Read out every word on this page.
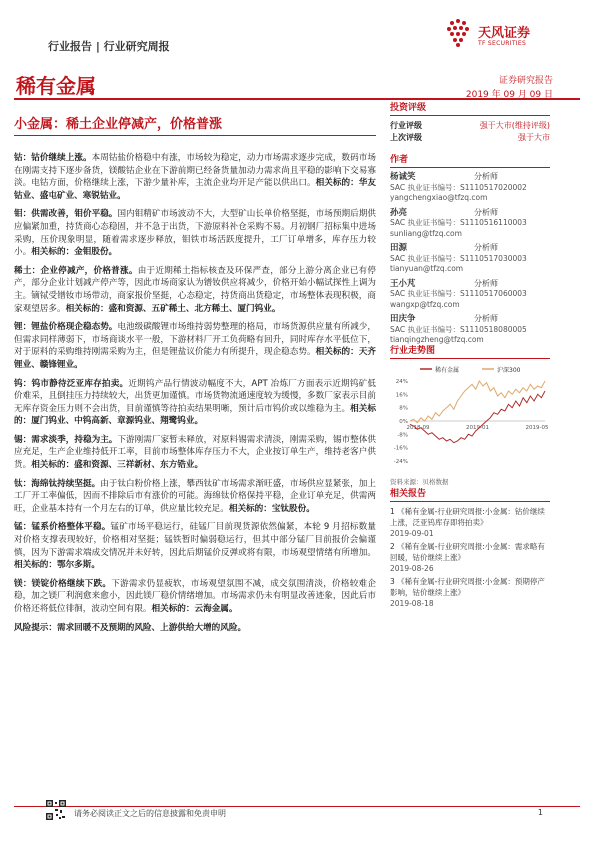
行业报告 | 行业研究周报
天风证券
TF SECURITIES
稀有金属	证券研究报告
2019 年 09 月 09 日
小金属：稀土企业停减产，价格普涨

钴：钴价继续上涨。本周钴盐价格稳中有涨，市场较为稳定，动力市场需求逐步完成，数码市场在刚需支持下逐步备货，镁酸钴企业在下游前期已经备货量加动力需求尚且平稳的影响下交易寡淡。电钴方面，价格继续上涨，下游少量补库，主流企业均开足产能以供出口。相关标的：华友钴业、盛屯矿业、寒锐钴业。

钼：供需改善，钼价平稳。国内钼精矿市场波动不大，大型矿山长单价格坚挺，市场预期后期供应偏紧加重，持货商心态稳固，并不急于出货，下游原料补仓采购不易。月初钢厂招标集中进场采购，压价现象明显，随着需求逐步释放，钼铁市场活跃度提升，工厂订单增多，库存压力较小。相关标的：金钼股份。

稀土：企业停减产，价格普涨。由于近期稀土指标核查及环保严查，部分上游分离企业已有停产，部分企业计划减产停产等，因此市场商家认为镨钕供应将减少，价格开始小幅试探性上调为主。镝铽受镨钕市场带动，商家报价坚挺，心态稳定，持货商出货稳定，市场整体表现积极，商家观望居多。相关标的：盛和资源、五矿稀土、北方稀土、厦门钨业。

锂：锂盐价格现企稳态势。电池级碳酸锂市场维持弱势整理的格局，市场货源供应量有所减少，但需求同样薄弱下，市场商谈水平一般，下游材料厂开工负荷略有回升，同时库存水平低位下，对于原料的采购维持刚需采购为主，但是锂盐议价能力有所提升，现企稳态势。相关标的：天齐锂业、赣锋锂业。

钨：钨市静待泛亚库存拍卖。近期钨产品行情波动幅度不大，APT 冶炼厂方面表示近期钨矿低价难采，且倒挂压力持续较大，出货更加谨慎。市场货物流通速度较为缓慢，多数厂家表示目前无库存资金压力则不会出货，目前谨慎等待拍卖结果明晰，预计后市钨价或以维稳为主。相关标的：厦门钨业、中钨高新、章源钨业、翔鹭钨业。

锡：需求淡季，持稳为主。下游刚需厂家暂未释放，对原料锡需求清淡，刚需采购，锡市整体供应充足，生产企业维持低开工率，目前市场整体库存压力不大，企业按订单生产，维持老客户供货。相关标的：盛和资源、三祥新材、东方锆业。

钛：海绵钛持续坚挺。由于钛白粉价格上涨，攀西钛矿市场需求渐旺盛，市场供应显紧张，加上工厂开工率偏低，因而不排除后市有涨价的可能。海绵钛价格保持平稳，企业订单充足，供需两旺，企业基本持有一个月左右的订单，供应量比较充足。相关标的：宝钛股份。

锰：锰系价格整体平稳。锰矿市场平稳运行，硅锰厂目前现货源依然偏紧，本轮 9 月招标数量对价格支撑表现较好，价格相对坚挺；锰铁暂时偏弱稳运行，但其中部分锰厂目前报价会偏谨慎，因为下游需求端成交情况并未好转，因此后期锰价反弹或将有限，市场观望情绪有所增加。相关标的：鄂尔多斯。

镁：镁锭价格继续下跌。下游需求仍显疲软，市场观望氛围不减，成交氛围清淡，价格较难企稳，加之镁厂利润愈来愈小，因此镁厂稳价情绪增加。市场需求仍未有明显改善迹象，因此后市价格还将低位徘徊，波动空间有限。相关标的：云海金属。

风险提示：需求回暖不及预期的风险、上游供给大增的风险。

投资评级
行业评级	强于大市(维持评级)
上次评级	强于大市
作者
杨诚笑	分析师
SAC 执业证书编号：S1110517020002
yangchengxiao@tfzq.com
孙亮	分析师
SAC 执业证书编号：S1110516110003
sunliang@tfzq.com
田源	分析师
SAC 执业证书编号：S1110517030003
tianyuan@tfzq.com
王小芃	分析师
SAC 执业证书编号：S1110517060003
wangxp@tfzq.com
田庆争	分析师
SAC 执业证书编号：S1110518080005
tianqingzheng@tfzq.com
行业走势图
稀有金属	沪深300
24%
16%
8%
0%
-8%
-16%
-24%
2018-09	2019-01	2019-05
资料来源：贝格数据
相关报告
1 《稀有金属-行业研究周报:小金属：钴价继续上涨，泛亚钨库存即将拍卖》
2019-09-01
2 《稀有金属-行业研究周报:小金属：需求略有回暖，钴价继续上涨》
2019-08-26
3 《稀有金属-行业研究周报:小金属：预期停产影响，钴价继续上涨》
2019-08-18
请务必阅读正文之后的信息披露和免责申明	1
